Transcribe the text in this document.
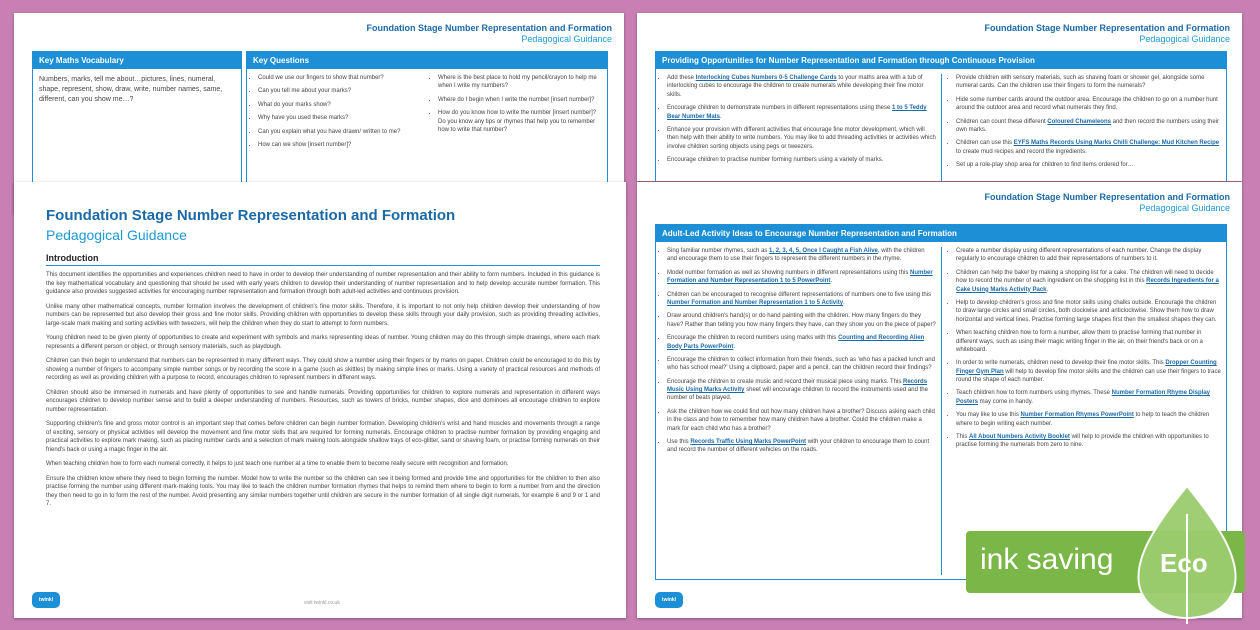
Foundation Stage Number Representation and Formation
Pedagogical Guidance
Key Maths Vocabulary
Numbers, marks, tell me about…pictures, lines, numeral, shape, represent, show, draw, write, number names, same, different, can you show me…?
Key Questions
• Could we use our fingers to show that number?
• Can you tell me about your marks?
• What do your marks show?
• Why have you used these marks?
• Can you explain what you have drawn/ written to me?
• How can we show [insert number]?
• Where is the best place to hold my pencil/crayon to help me when I write my numbers?
• Where do I begin when I write the number [insert number]?
• How do you know how to write the number [insert number]? Do you know any tips or rhymes that help you to remember how to write that number?
Foundation Stage Number Representation and Formation
Pedagogical Guidance
Providing Opportunities for Number Representation and Formation through Continuous Provision
• Add these Interlocking Cubes Numbers 0-5 Challenge Cards to your maths area with a tub of interlocking cubes to encourage the children to create numerals while developing their fine motor skills.
• Encourage children to demonstrate numbers in different representations using these 1 to 5 Teddy Bear Number Mats.
• Enhance your provision with different activities that encourage fine motor development, which will then help with their ability to write numbers. You may like to add threading activities or activities which involve children sorting objects using pegs or tweezers.
• Encourage children to practise number forming numbers using a variety of marks.
• Provide children with sensory materials, such as shaving foam or shower gel, alongside some numeral cards. Can the children use their fingers to form the numerals?
• Hide some number cards around the outdoor area. Encourage the children to go on a number hunt around the outdoor area and record what numerals they find.
• Children can count these different Coloured Chameleons and then record the numbers using their own marks.
• Children can use this EYFS Maths Records Using Marks Chilli Challenge: Mud Kitchen Recipe to create mud recipes and record the ingredients.
• Set up a role-play shop area for children to find items ordered for…
Foundation Stage Number Representation and Formation
Pedagogical Guidance
Introduction

This document identifies the opportunities and experiences children need to have in order to develop their understanding of number representation and their ability to form numbers. Included in this guidance is the key mathematical vocabulary and questioning that should be used with early years children to develop their understanding of number representation and to help develop accurate number formation. This guidance also provides suggested activities for encouraging number representation and formation through both adult-led activities and continuous provision.

Unlike many other mathematical concepts, number formation involves the development of children's fine motor skills. Therefore, it is important to not only help children develop their understanding of how numbers can be represented but also develop their gross and fine motor skills. Providing children with opportunities to develop these skills through your daily provision, such as providing threading activities, large-scale mark making and sorting activities with tweezers, will help the children when they do start to attempt to form numbers.

Young children need to be given plenty of opportunities to create and experiment with symbols and marks representing ideas of number. Young children may do this through simple drawings, where each mark represents a different person or object, or through sensory materials, such as playdough.

Children can then begin to understand that numbers can be represented in many different ways. They could show a number using their fingers or by marks on paper. Children could be encouraged to do this by showing a number of fingers to accompany simple number songs or by recording the score in a game (such as skittles) by making simple lines or marks. Using a variety of practical resources and methods of recording as well as providing children with a purpose to record, encourages children to represent numbers in different ways.

Children should also be immersed in numerals and have plenty of opportunities to see and handle numerals. Providing opportunities for children to explore numerals and representation in different ways encourages children to develop number sense and to build a deeper understanding of numbers. Resources, such as towers of bricks, number shapes, dice and dominoes all encourage children to explore number representation.

Supporting children's fine and gross motor control is an important step that comes before children can begin number formation. Developing children's wrist and hand muscles and movements through a range of exciting, sensory or physical activities will develop the movement and fine motor skills that are required for forming numerals. Encourage children to practise number formation by providing engaging and practical activities to explore mark making, such as placing number cards and a selection of mark making tools alongside shallow trays of eco-glitter, sand or shaving foam, or practise forming numerals on their friend's back or using a magic finger in the air.

When teaching children how to form each numeral correctly, it helps to just teach one number at a time to enable them to become really secure with recognition and formation.

Ensure the children know where they need to begin forming the number. Model how to write the number so the children can see it being formed and provide time and opportunities for the children to then also practise forming the number using different mark-making tools. You may like to teach the children number formation rhymes that helps to remind them where to begin to form a number from and the direction they then need to go in to form the rest of the number. Avoid presenting any similar numbers together until children are secure in the number formation of all single digit numerals, for example 6 and 9 or 1 and 7.

twinkl	visit twinkl.co.uk
Foundation Stage Number Representation and Formation
Pedagogical Guidance
Adult-Led Activity Ideas to Encourage Number Representation and Formation
• Sing familiar number rhymes, such as 1, 2, 3, 4, 5, Once I Caught a Fish Alive, with the children and encourage them to use their fingers to represent the different numbers in the rhyme.
• Model number formation as well as showing numbers in different representations using this Number Formation and Number Representation 1 to 5 PowerPoint.
• Children can be encouraged to recognise different representations of numbers one to five using this Number Formation and Number Representation 1 to 5 Activity.
• Draw around children's hand(s) or do hand painting with the children. How many fingers do they have? Rather than telling you how many fingers they have, can they show you on the piece of paper?
• Encourage the children to record numbers using marks with this Counting and Recording Alien Body Parts PowerPoint.
• Encourage the children to collect information from their friends, such as 'who has a packed lunch and who has school meal?' Using a clipboard, paper and a pencil, can the children record their findings?
• Encourage the children to create music and record their musical piece using marks. This Records Music Using Marks Activity sheet will encourage children to record the instruments used and the number of beats played.
• Ask the children how we could find out how many children have a brother? Discuss asking each child in the class and how to remember how many children have a brother. Could the children make a mark for each child who has a brother?
• Use this Records Traffic Using Marks PowerPoint with your children to encourage them to count and record the number of different vehicles on the roads.
• Create a number display using different representations of each number. Change the display regularly to encourage children to add their representations of numbers to it.
• Children can help the baker by making a shopping list for a cake. The children will need to decide how to record the number of each ingredient on the shopping list in this Records Ingredients for a Cake Using Marks Activity Pack.
• Help to develop children's gross and fine motor skills using chalks outside. Encourage the children to draw large circles and small circles, both clockwise and anticlockwise. Show them how to draw horizontal and vertical lines. Practise forming large shapes first then the smallest shapes they can.
• When teaching children how to form a number, allow them to practise forming that number in different ways, such as using their magic writing finger in the air, on their friend's back or on a whiteboard.
• In order to write numerals, children need to develop their fine motor skills. This Dropper Counting Finger Gym Plan will help to develop fine motor skills and the children can use their fingers to trace round the shape of each number.
• Teach children how to form numbers using rhymes. These Number Formation Rhyme Display Posters may come in handy.
• You may like to use this Number Formation Rhymes PowerPoint to help to teach the children where to begin writing each number.
• This All About Numbers Activity Booklet will help to provide the children with opportunities to practise forming the numerals from zero to nine.
twinkl
ink saving Eco
